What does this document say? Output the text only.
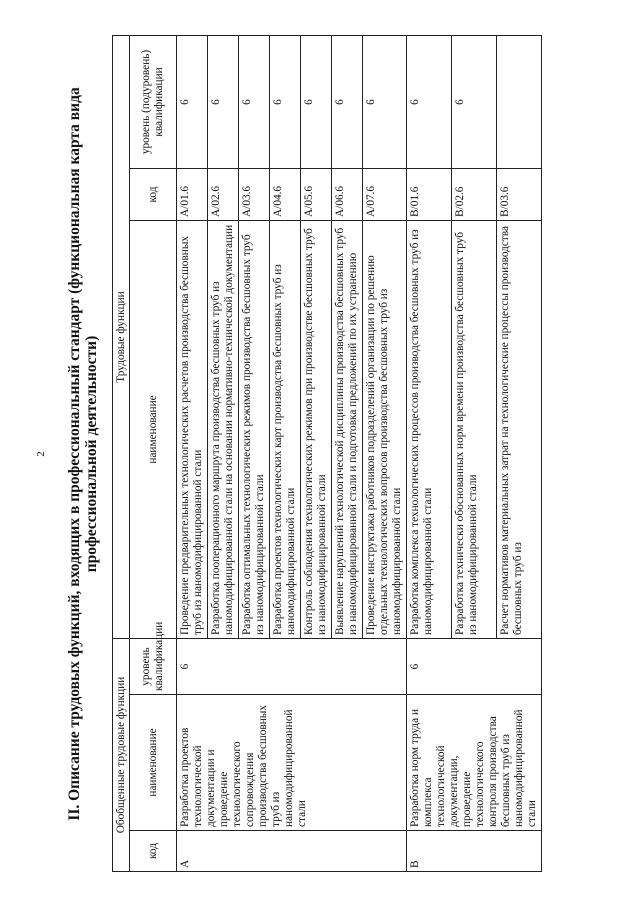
2 II. Описание трудовых функций, входящих в профессиональный стандарт (функциональная карта вида профессиональной деятельности)
Обобщенные трудовые функции			Трудовые функции		
код	наименование	уровень квалификации	наименование	код	уровень (подуровень) квалификации
A	Разработка проектов технологической документации и проведение технологического сопровождения производства бесшовных труб из наномодифицированной стали	6	Проведение предварительных технологических расчетов производства бесшовных труб из наномодифицированной стали	A/01.6	6
			Разработка пооперационного маршрута производства бесшовных труб из наномодифицированной стали на основании нормативно-технической документации	A/02.6	6
			Разработка оптимальных технологических режимов производства бесшовных труб из наномодифицированной стали	A/03.6	6
			Разработка проектов технологических карт производства бесшовных труб из наномодифицированной стали	A/04.6	6
			Контроль соблюдения технологических режимов при производстве бесшовных труб из наномодифицированной стали	A/05.6	6
			Выявление нарушений технологической дисциплины производства бесшовных труб из наномодифицированной стали и подготовка предложений по их устранению	A/06.6	6
			Проведение инструктажа работников подразделений организации по решению отдельных технологических вопросов производства бесшовных труб из наномодифицированной стали	A/07.6	6
B	Разработка норм труда и комплекса технологической документации, проведение технологического контроля производства бесшовных труб из наномодифицированной стали	6	Разработка комплекса технологических процессов производства бесшовных труб из наномодифицированной стали	B/01.6	6
			Разработка технически обоснованных норм времени производства бесшовных труб из наномодифицированной стали	B/02.6	6
			Расчет нормативов материальных затрат на технологические процессы производства бесшовных труб из	B/03.6	
